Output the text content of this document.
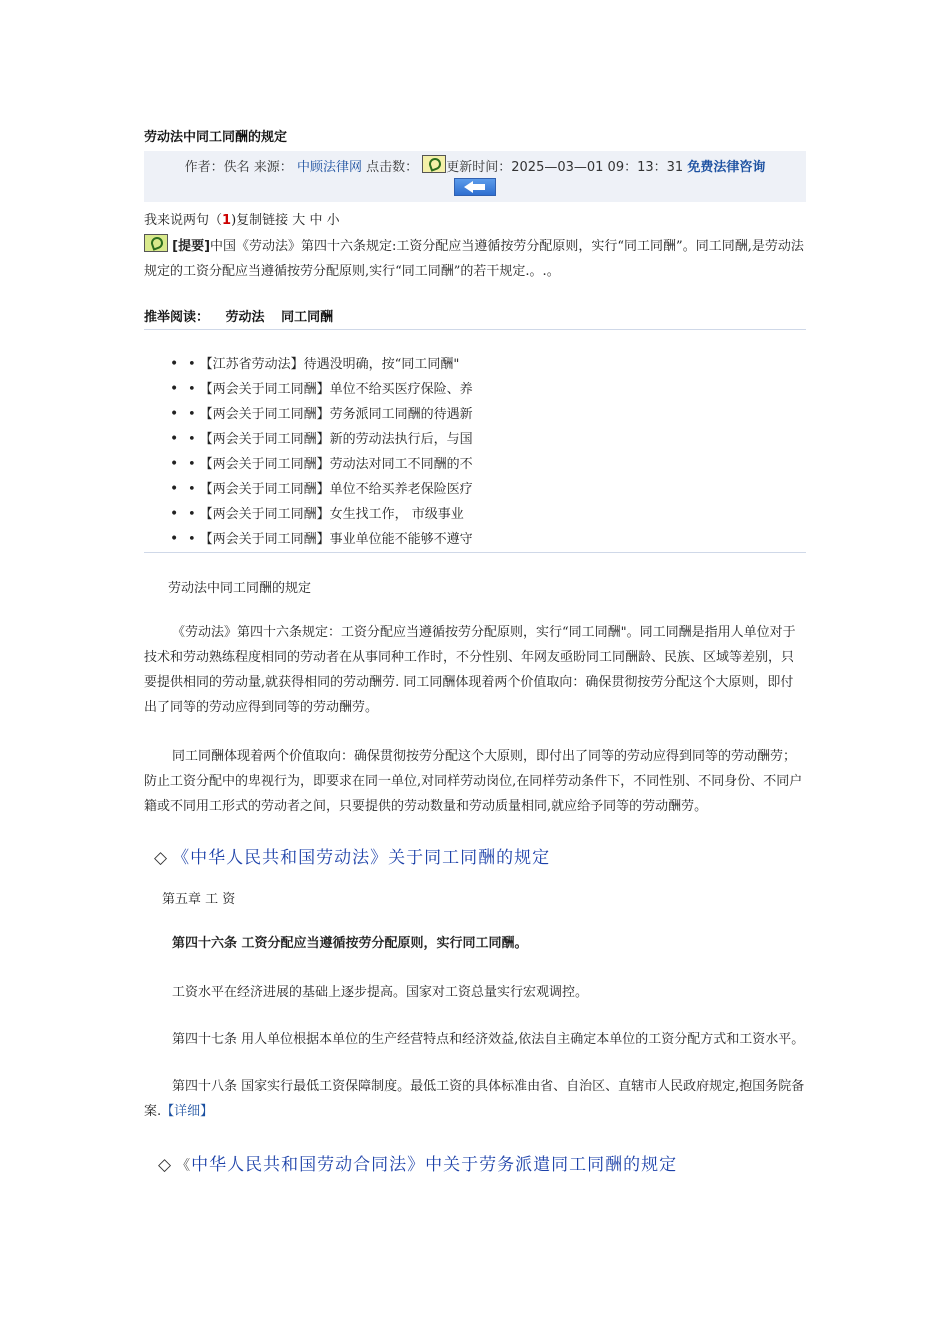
劳动法中同工同酬的规定
作者：佚名 来源： 中顾法律网 点击数： 更新时间：2025—03—01 09：13：31 免费法律咨询
我来说两句（1)复制链接 大 中 小
[提要]中国《劳动法》第四十六条规定:工资分配应当遵循按劳分配原则，实行“同工同酬”。同工同酬,是劳动法规定的工资分配应当遵循按劳分配原则,实行“同工同酬”的若干规定.。.。
推举阅读： 劳动法 同工同酬
• • 【江苏省劳动法】待遇没明确，按“同工同酬"
• • 【两会关于同工同酬】单位不给买医疗保险、养
• • 【两会关于同工同酬】劳务派同工同酬的待遇新
• • 【两会关于同工同酬】新的劳动法执行后，与国
• • 【两会关于同工同酬】劳动法对同工不同酬的不
• • 【两会关于同工同酬】单位不给买养老保险医疗
• • 【两会关于同工同酬】女生找工作， 市级事业
• • 【两会关于同工同酬】事业单位能不能够不遵守
劳动法中同工同酬的规定

《劳动法》第四十六条规定：工资分配应当遵循按劳分配原则，实行“同工同酬"。同工同酬是指用人单位对于技术和劳动熟练程度相同的劳动者在从事同种工作时，不分性别、年网友亟盼同工同酬龄、民族、区域等差别，只要提供相同的劳动量,就获得相同的劳动酬劳. 同工同酬体现着两个价值取向：确保贯彻按劳分配这个大原则，即付出了同等的劳动应得到同等的劳动酬劳。

同工同酬体现着两个价值取向：确保贯彻按劳分配这个大原则，即付出了同等的劳动应得到同等的劳动酬劳；防止工资分配中的卑视行为，即要求在同一单位,对同样劳动岗位,在同样劳动条件下，不同性别、不同身份、不同户籍或不同用工形式的劳动者之间，只要提供的劳动数量和劳动质量相同,就应给予同等的劳动酬劳。

◇ 《中华人民共和国劳动法》关于同工同酬的规定
第五章 工 资

第四十六条 工资分配应当遵循按劳分配原则，实行同工同酬。

工资水平在经济进展的基础上逐步提高。国家对工资总量实行宏观调控。

第四十七条 用人单位根据本单位的生产经营特点和经济效益,依法自主确定本单位的工资分配方式和工资水平。

第四十八条 国家实行最低工资保障制度。最低工资的具体标准由省、自治区、直辖市人民政府规定,抱国务院备案.【详细】

◇ 《中华人民共和国劳动合同法》中关于劳务派遣同工同酬的规定
